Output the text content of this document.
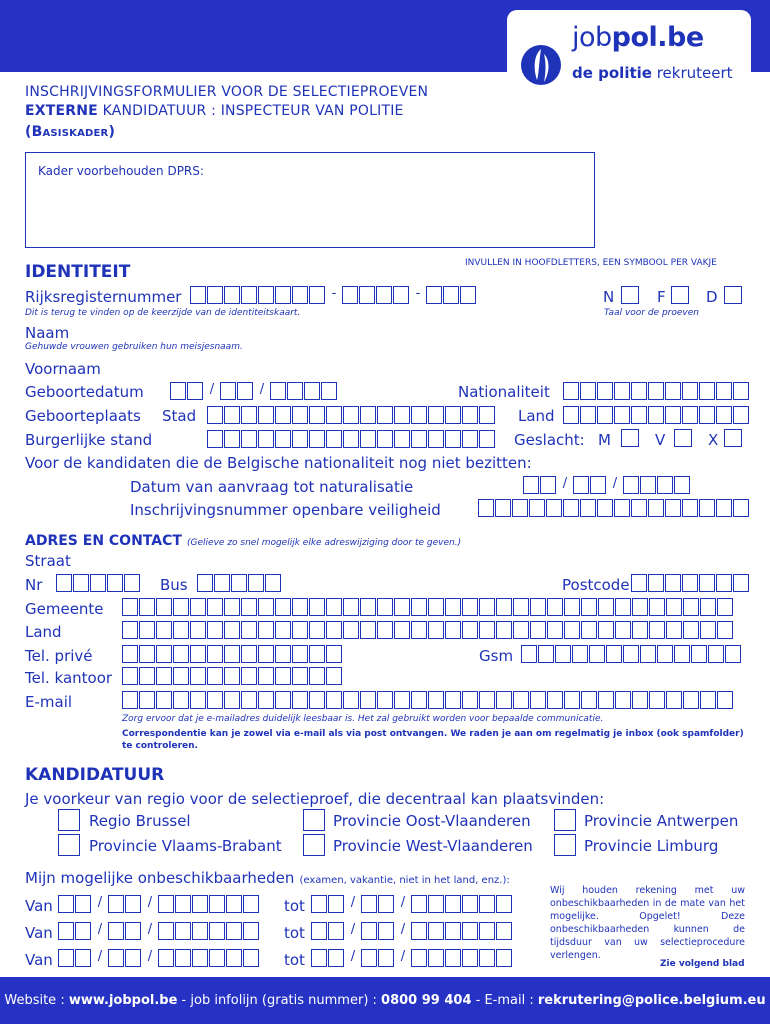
jobpol.be
de politie rekruteert
INSCHRIJVINGSFORMULIER VOOR DE SELECTIEPROEVEN
EXTERNE KANDIDATUUR : INSPECTEUR VAN POLITIE
(Basiskader)
Kader voorbehouden DPRS:
IDENTITEIT	INVULLEN IN HOOFDLETTERS, EEN SYMBOOL PER VAKJE
Rijksregisternummer	-	-
Dit is terug te vinden op de keerzijde van de identiteitskaart.
N	F	D
Taal voor de proeven
Naam
Gehuwde vrouwen gebruiken hun meisjesnaam.
Voornaam
Geboortedatum	/	/	Nationaliteit
Geboorteplaats Stad	Land
Burgerlijke stand	Geslacht: M	V	X
Voor de kandidaten die de Belgische nationaliteit nog niet bezitten:
Datum van aanvraag tot naturalisatie	/	/
Inschrijvingsnummer openbare veiligheid
ADRES EN CONTACT (Gelieve zo snel mogelijk elke adreswijziging door te geven.)
Straat
Nr	Bus	Postcode
Gemeente
Land
Tel. privé	Gsm
Tel. kantoor
E-mail
Zorg ervoor dat je e-mailadres duidelijk leesbaar is. Het zal gebruikt worden voor bepaalde communicatie.
Correspondentie kan je zowel via e-mail als via post ontvangen. We raden je aan om regelmatig je inbox (ook spamfolder)
te controleren.
KANDIDATUUR
Je voorkeur van regio voor de selectieproef, die decentraal kan plaatsvinden:
Regio Brussel	Provincie Oost-Vlaanderen	Provincie Antwerpen
Provincie Vlaams-Brabant	Provincie West-Vlaanderen	Provincie Limburg
Mijn mogelijke onbeschikbaarheden (examen, vakantie, niet in het land, enz.):
Van	/	/	tot	/	/
Van	/	/	tot	/	/
Van	/	/	tot	/	/
Wij houden rekening met uw onbeschikbaarheden in de mate van het mogelijke. Opgelet! Deze onbeschikbaarheden kunnen de tijdsduur van uw selectieprocedure verlengen.
Zie volgend blad
Website : www.jobpol.be - job infolijn (gratis nummer) : 0800 99 404 - E-mail : rekrutering@police.belgium.eu
